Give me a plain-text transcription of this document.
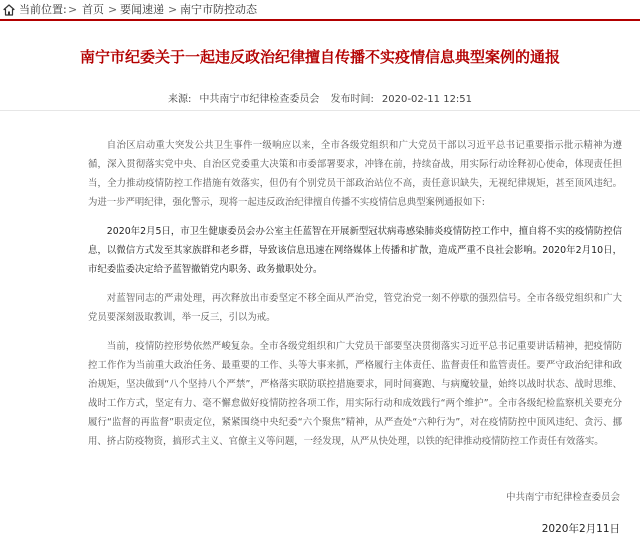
当前位置: > 首页 > 要闻速递 > 南宁市防控动态
南宁市纪委关于一起违反政治纪律擅自传播不实疫情信息典型案例的通报
来源: 中共南宁市纪律检查委员会 发布时间: 2020-02-11 12:51

自治区启动重大突发公共卫生事件一级响应以来，全市各级党组织和广大党员干部以习近平总书记重要指示批示精神为遵循，深入贯彻落实党中央、自治区党委重大决策和市委部署要求，冲锋在前，持续奋战，用实际行动诠释初心使命，体现责任担当，全力推动疫情防控工作措施有效落实，但仍有个别党员干部政治站位不高，责任意识缺失，无视纪律规矩，甚至顶风违纪。为进一步严明纪律，强化警示，现将一起违反政治纪律擅自传播不实疫情信息典型案例通报如下:

2020年2月5日，市卫生健康委员会办公室主任蓝智在开展新型冠状病毒感染肺炎疫情防控工作中，擅自将不实的疫情防控信息，以微信方式发至其家族群和老乡群，导致该信息迅速在网络媒体上传播和扩散，造成严重不良社会影响。2020年2月10日，市纪委监委决定给予蓝智撤销党内职务、政务撤职处分。

对蓝智同志的严肃处理，再次释放出市委坚定不移全面从严治党，管党治党一刻不停歇的强烈信号。全市各级党组织和广大党员要深刻汲取教训，举一反三，引以为戒。

当前，疫情防控形势依然严峻复杂。全市各级党组织和广大党员干部要坚决贯彻落实习近平总书记重要讲话精神，把疫情防控工作作为当前重大政治任务、最重要的工作、头等大事来抓，严格履行主体责任、监督责任和监管责任。要严守政治纪律和政治规矩，坚决做到“八个坚持八个严禁”，严格落实联防联控措施要求，同时间赛跑、与病魔较量，始终以战时状态、战时思维、战时工作方式，坚定有力、毫不懈怠做好疫情防控各项工作，用实际行动和成效践行“两个维护”。全市各级纪检监察机关要充分履行“监督的再监督”职责定位，紧紧围绕中央纪委“六个聚焦”精神，从严查处“六种行为”，对在疫情防控中顶风违纪、贪污、挪用、挤占防疫物资，搞形式主义、官僚主义等问题，一经发现，从严从快处理，以铁的纪律推动疫情防控工作责任有效落实。

中共南宁市纪律检查委员会
2020年2月11日
